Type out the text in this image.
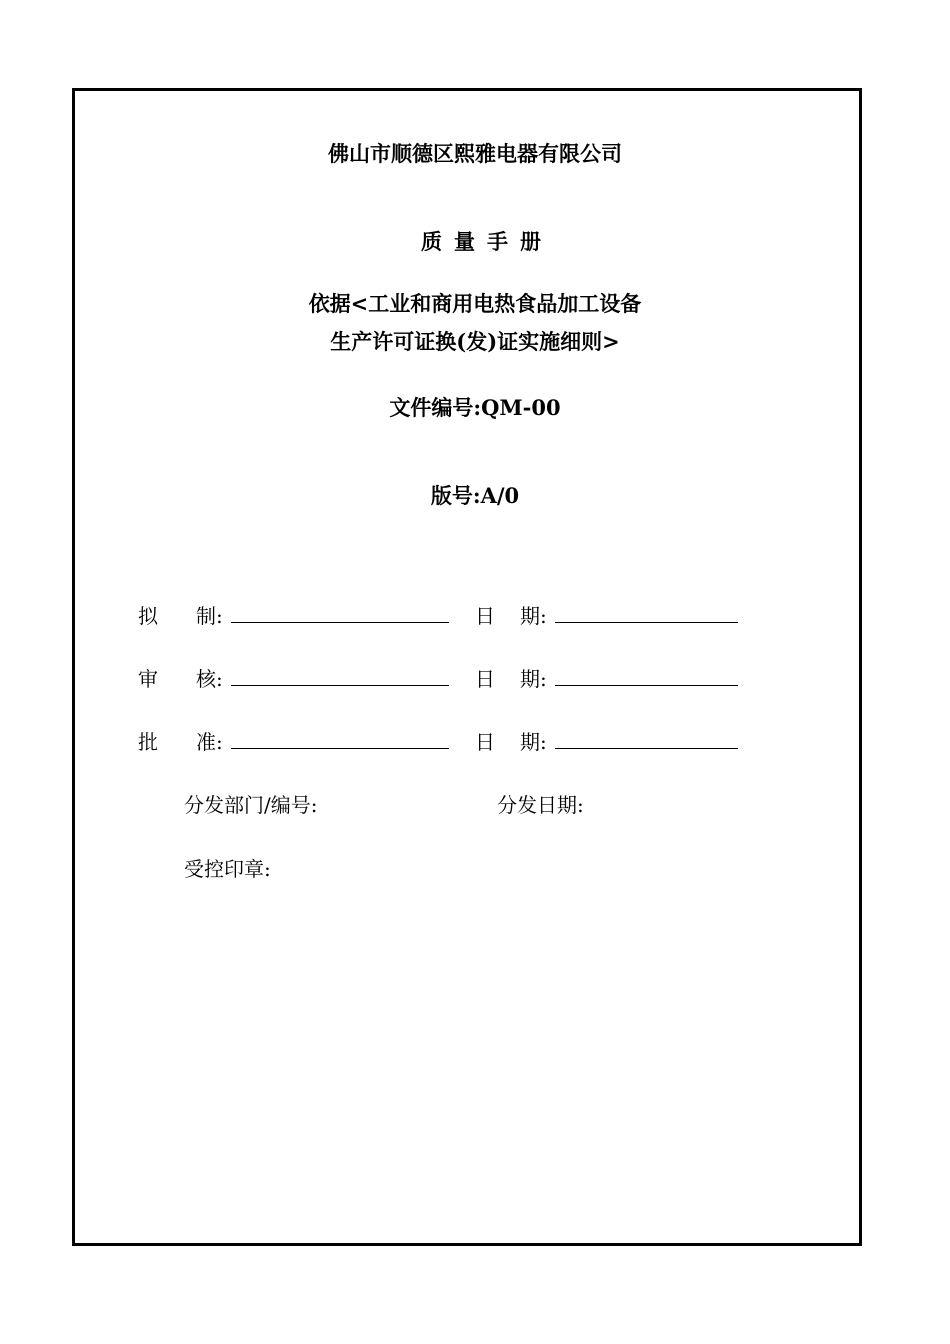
佛山市顺德区熙雅电器有限公司
质量手册
依据<工业和商用电热食品加工设备
生产许可证换(发)证实施细则>
文件编号:QM-00
版号:A/0
拟 制:	日 期:
审 核:	日 期:
批 准:	日 期:
分发部门/编号:	分发日期:
受控印章:
